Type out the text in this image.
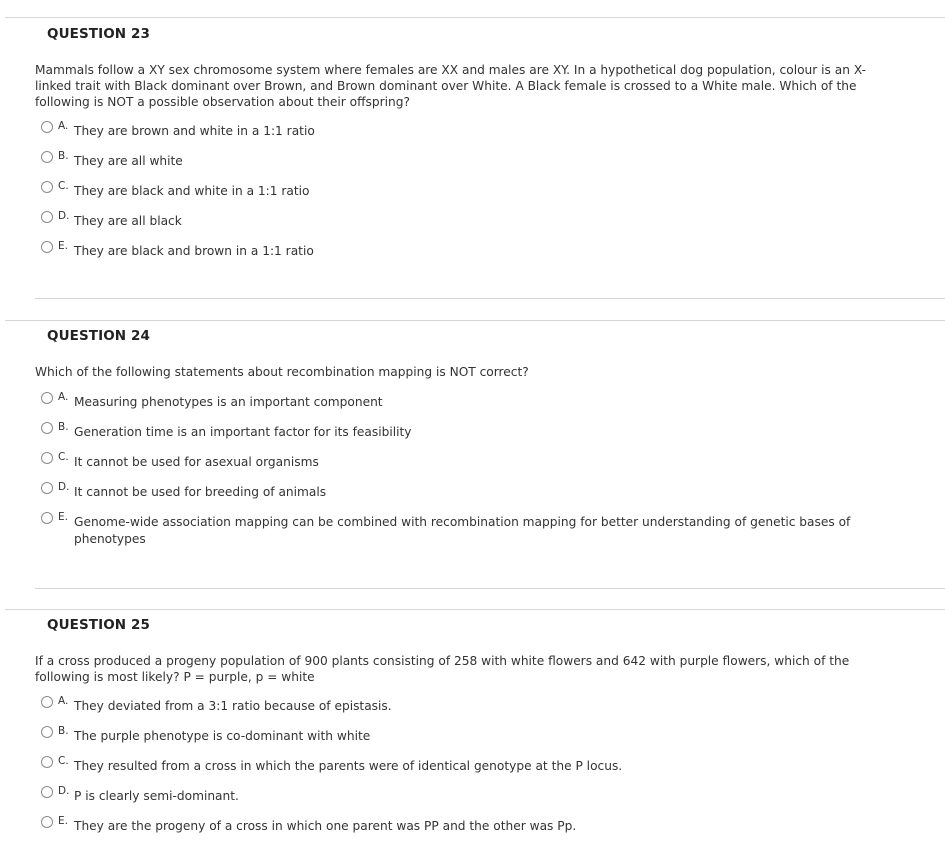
QUESTION 23
Mammals follow a XY sex chromosome system where females are XX and males are XY. In a hypothetical dog population, colour is an X-linked trait with Black dominant over Brown, and Brown dominant over White. A Black female is crossed to a White male. Which of the following is NOT a possible observation about their offspring?
A. They are brown and white in a 1:1 ratio
B. They are all white
C. They are black and white in a 1:1 ratio
D. They are all black
E. They are black and brown in a 1:1 ratio
QUESTION 24
Which of the following statements about recombination mapping is NOT correct?
A. Measuring phenotypes is an important component
B. Generation time is an important factor for its feasibility
C. It cannot be used for asexual organisms
D. It cannot be used for breeding of animals
E. Genome-wide association mapping can be combined with recombination mapping for better understanding of genetic bases of phenotypes
QUESTION 25
If a cross produced a progeny population of 900 plants consisting of 258 with white flowers and 642 with purple flowers, which of the following is most likely? P = purple, p = white
A. They deviated from a 3:1 ratio because of epistasis.
B. The purple phenotype is co-dominant with white
C. They resulted from a cross in which the parents were of identical genotype at the P locus.
D. P is clearly semi-dominant.
E. They are the progeny of a cross in which one parent was PP and the other was Pp.
